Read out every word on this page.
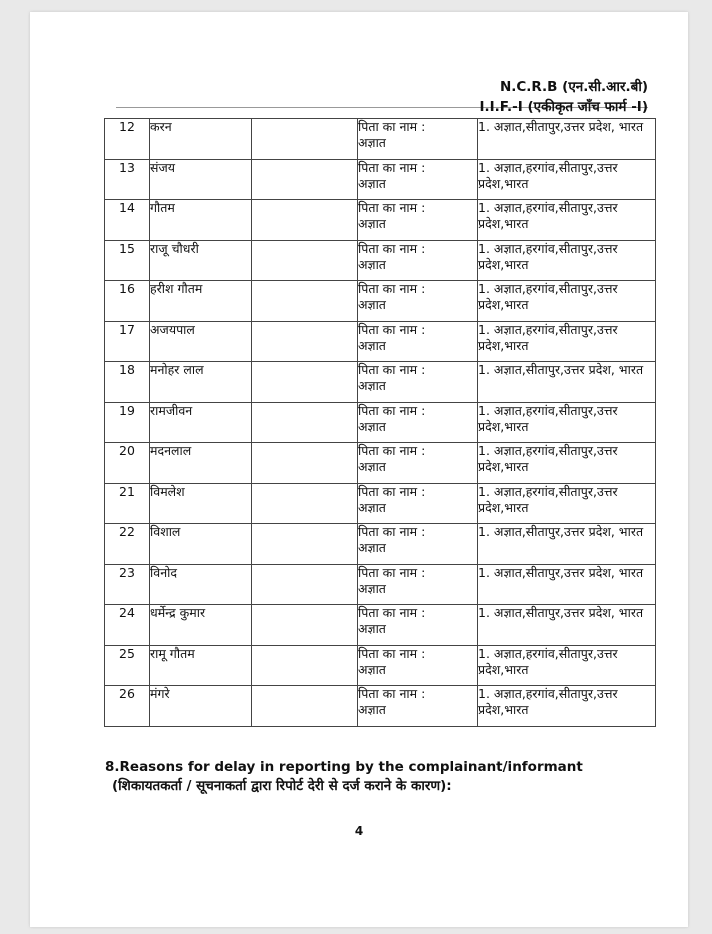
N.C.R.B (एन.सी.आर.बी)
I.I.F.-I (एकीकृत जाँच फार्म -I)
12	करन		पिता का नाम :
अज्ञात	1. अज्ञात,सीतापुर,उत्तर प्रदेश, भारत
13	संजय		पिता का नाम :
अज्ञात	1. अज्ञात,हरगांव,सीतापुर,उत्तर प्रदेश,भारत
14	गौतम		पिता का नाम :
अज्ञात	1. अज्ञात,हरगांव,सीतापुर,उत्तर प्रदेश,भारत
15	राजू चौधरी		पिता का नाम :
अज्ञात	1. अज्ञात,हरगांव,सीतापुर,उत्तर प्रदेश,भारत
16	हरीश गौतम		पिता का नाम :
अज्ञात	1. अज्ञात,हरगांव,सीतापुर,उत्तर प्रदेश,भारत
17	अजयपाल		पिता का नाम :
अज्ञात	1. अज्ञात,हरगांव,सीतापुर,उत्तर प्रदेश,भारत
18	मनोहर लाल		पिता का नाम :
अज्ञात	1. अज्ञात,सीतापुर,उत्तर प्रदेश, भारत
19	रामजीवन		पिता का नाम :
अज्ञात	1. अज्ञात,हरगांव,सीतापुर,उत्तर प्रदेश,भारत
20	मदनलाल		पिता का नाम :
अज्ञात	1. अज्ञात,हरगांव,सीतापुर,उत्तर प्रदेश,भारत
21	विमलेश		पिता का नाम :
अज्ञात	1. अज्ञात,हरगांव,सीतापुर,उत्तर प्रदेश,भारत
22	विशाल		पिता का नाम :
अज्ञात	1. अज्ञात,सीतापुर,उत्तर प्रदेश, भारत
23	विनोद		पिता का नाम :
अज्ञात	1. अज्ञात,सीतापुर,उत्तर प्रदेश, भारत
24	धर्मेन्द्र कुमार		पिता का नाम :
अज्ञात	1. अज्ञात,सीतापुर,उत्तर प्रदेश, भारत
25	रामू गौतम		पिता का नाम :
अज्ञात	1. अज्ञात,हरगांव,सीतापुर,उत्तर प्रदेश,भारत
26	मंगरे		पिता का नाम :
अज्ञात	1. अज्ञात,हरगांव,सीतापुर,उत्तर प्रदेश,भारत
8.Reasons for delay in reporting by the complainant/informant
(शिकायतकर्ता / सूचनाकर्ता द्वारा रिपोर्ट देरी से दर्ज कराने के कारण):
4
